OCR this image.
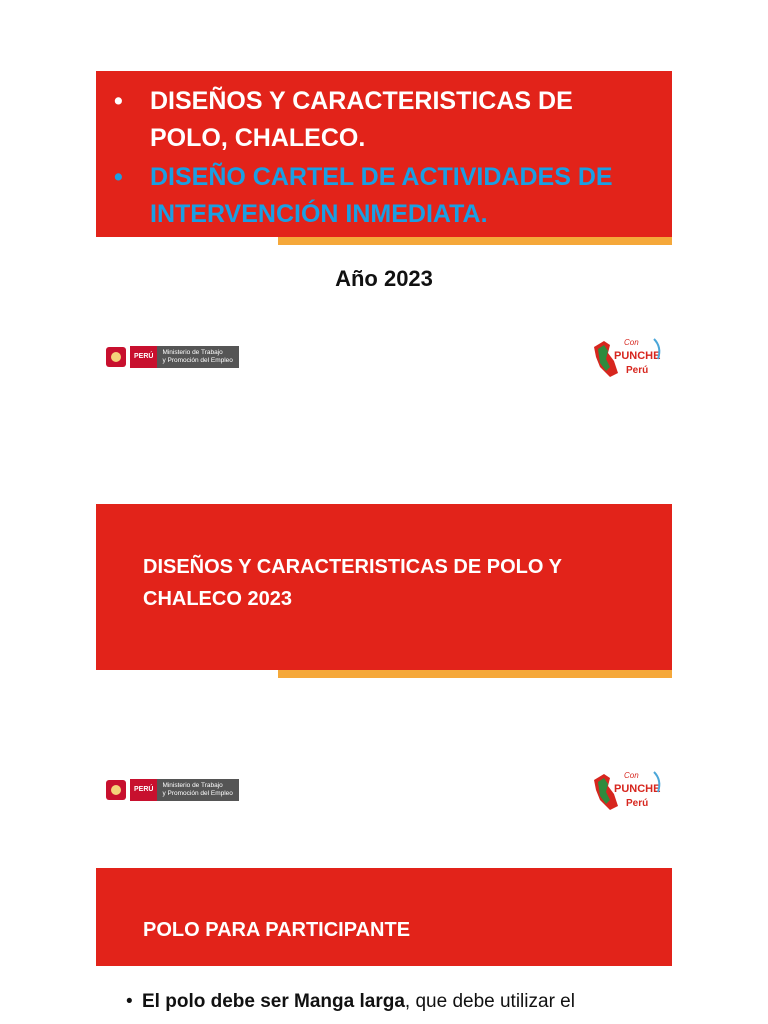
•	DISEÑOS Y CARACTERISTICAS DE POLO, CHALECO.
•	DISEÑO CARTEL DE ACTIVIDADES DE INTERVENCIÓN INMEDIATA.
Año 2023
PERÚ
Ministerio de Trabajo
y Promoción del Empleo
Con
PUNCHE
Perú
DISEÑOS Y CARACTERISTICAS DE POLO Y
CHALECO 2023
PERÚ
Ministerio de Trabajo
y Promoción del Empleo
Con
PUNCHE
Perú
POLO PARA PARTICIPANTE
• El polo debe ser Manga larga, que debe utilizar el
